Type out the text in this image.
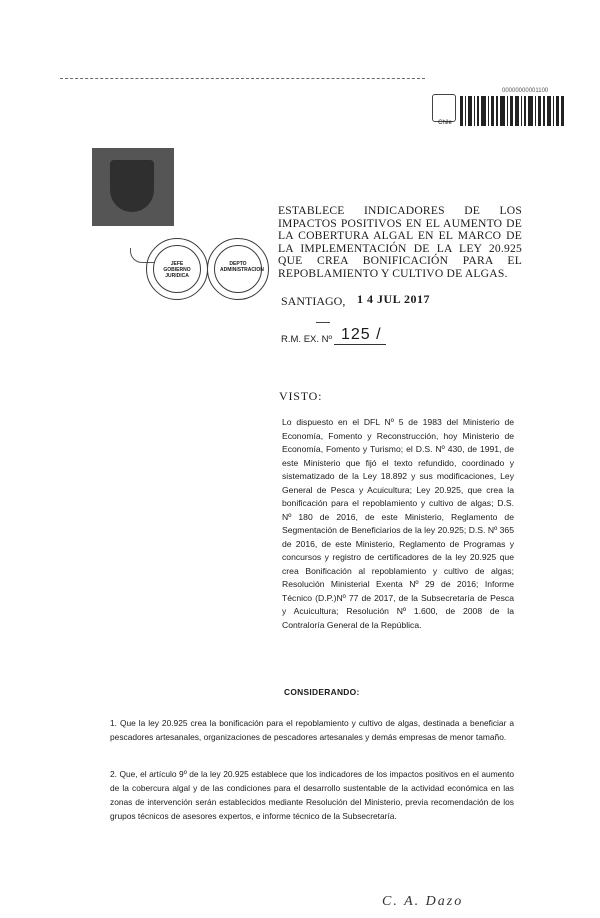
Chile
00000000001100
JEFE GOBIERNO JURIDICA
DEPTO ADMINISTRACION
ESTABLECE INDICADORES DE LOS
IMPACTOS POSITIVOS EN EL AUMENTO DE
LA COBERTURA ALGAL EN EL MARCO DE
LA IMPLEMENTACIÓN DE LA LEY 20.925
QUE CREA BONIFICACIÓN PARA EL
REPOBLAMIENTO Y CULTIVO DE ALGAS.
SANTIAGO, 1 4 JUL 2017
R.M. EX. Nº 125 /
VISTO:
Lo dispuesto en el DFL Nº 5 de 1983 del Ministerio de Economía, Fomento y Reconstrucción, hoy Ministerio de Economía, Fomento y Turismo; el D.S. Nº 430, de 1991, de este Ministerio que fijó el texto refundido, coordinado y sistematizado de la Ley 18.892 y sus modificaciones, Ley General de Pesca y Acuicultura; Ley 20.925, que crea la bonificación para el repoblamiento y cultivo de algas; D.S. Nº 180 de 2016, de este Ministerio, Reglamento de Segmentación de Beneficiarios de la ley 20.925; D.S. Nº 365 de 2016, de este Ministerio, Reglamento de Programas y concursos y registro de certificadores de la ley 20.925 que crea Bonificación al repoblamiento y cultivo de algas; Resolución Ministerial Exenta Nº 29 de 2016; Informe Técnico (D.P.)Nº 77 de 2017, de la Subsecretaría de Pesca y Acuicultura; Resolución Nº 1.600, de 2008 de la Contraloría General de la República.
CONSIDERANDO:
1. Que la ley 20.925 crea la bonificación para el repoblamiento y cultivo de algas, destinada a beneficiar a pescadores artesanales, organizaciones de pescadores artesanales y demás empresas de menor tamaño.
2. Que, el artículo 9º de la ley 20.925 establece que los indicadores de los impactos positivos en el aumento de la cobercura algal y de las condiciones para el desarrollo sustentable de la actividad económica en las zonas de intervención serán establecidos mediante Resolución del Ministerio, previa recomendación de los grupos técnicos de asesores expertos, e informe técnico de la Subsecretaría.
C. A. Dazo
